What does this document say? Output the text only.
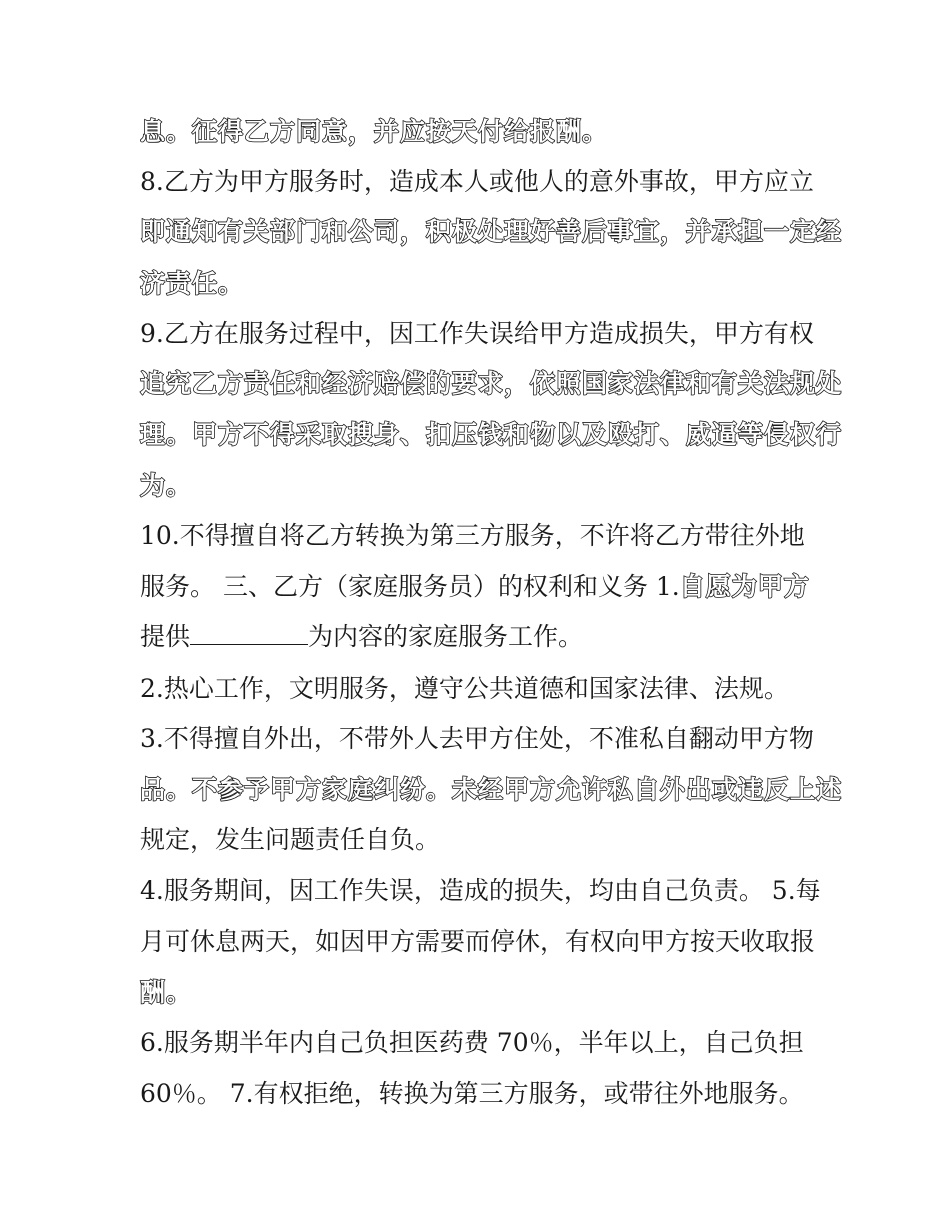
息。征得乙方同意，并应按天付给报酬。
8.乙方为甲方服务时，造成本人或他人的意外事故，甲方应立
即通知有关部门和公司，积极处理好善后事宜，并承担一定经
济责任。
9.乙方在服务过程中，因工作失误给甲方造成损失，甲方有权
追究乙方责任和经济赔偿的要求，依照国家法律和有关法规处
理。甲方不得采取搜身、扣压钱和物以及殴打、威逼等侵权行
为。
10.不得擅自将乙方转换为第三方服务，不许将乙方带往外地
服务。 三、乙方（家庭服务员）的权利和义务 1.自愿为甲方
提供	为内容的家庭服务工作。
2.热心工作，文明服务，遵守公共道德和国家法律、法规。
3.不得擅自外出，不带外人去甲方住处，不准私自翻动甲方物
品。不参予甲方家庭纠纷。未经甲方允许私自外出或违反上述
规定，发生问题责任自负。
4.服务期间，因工作失误，造成的损失，均由自己负责。 5.每
月可休息两天，如因甲方需要而停休，有权向甲方按天收取报
酬。
6.服务期半年内自己负担医药费 70％，半年以上，自己负担
60％。 7.有权拒绝，转换为第三方服务，或带往外地服务。
